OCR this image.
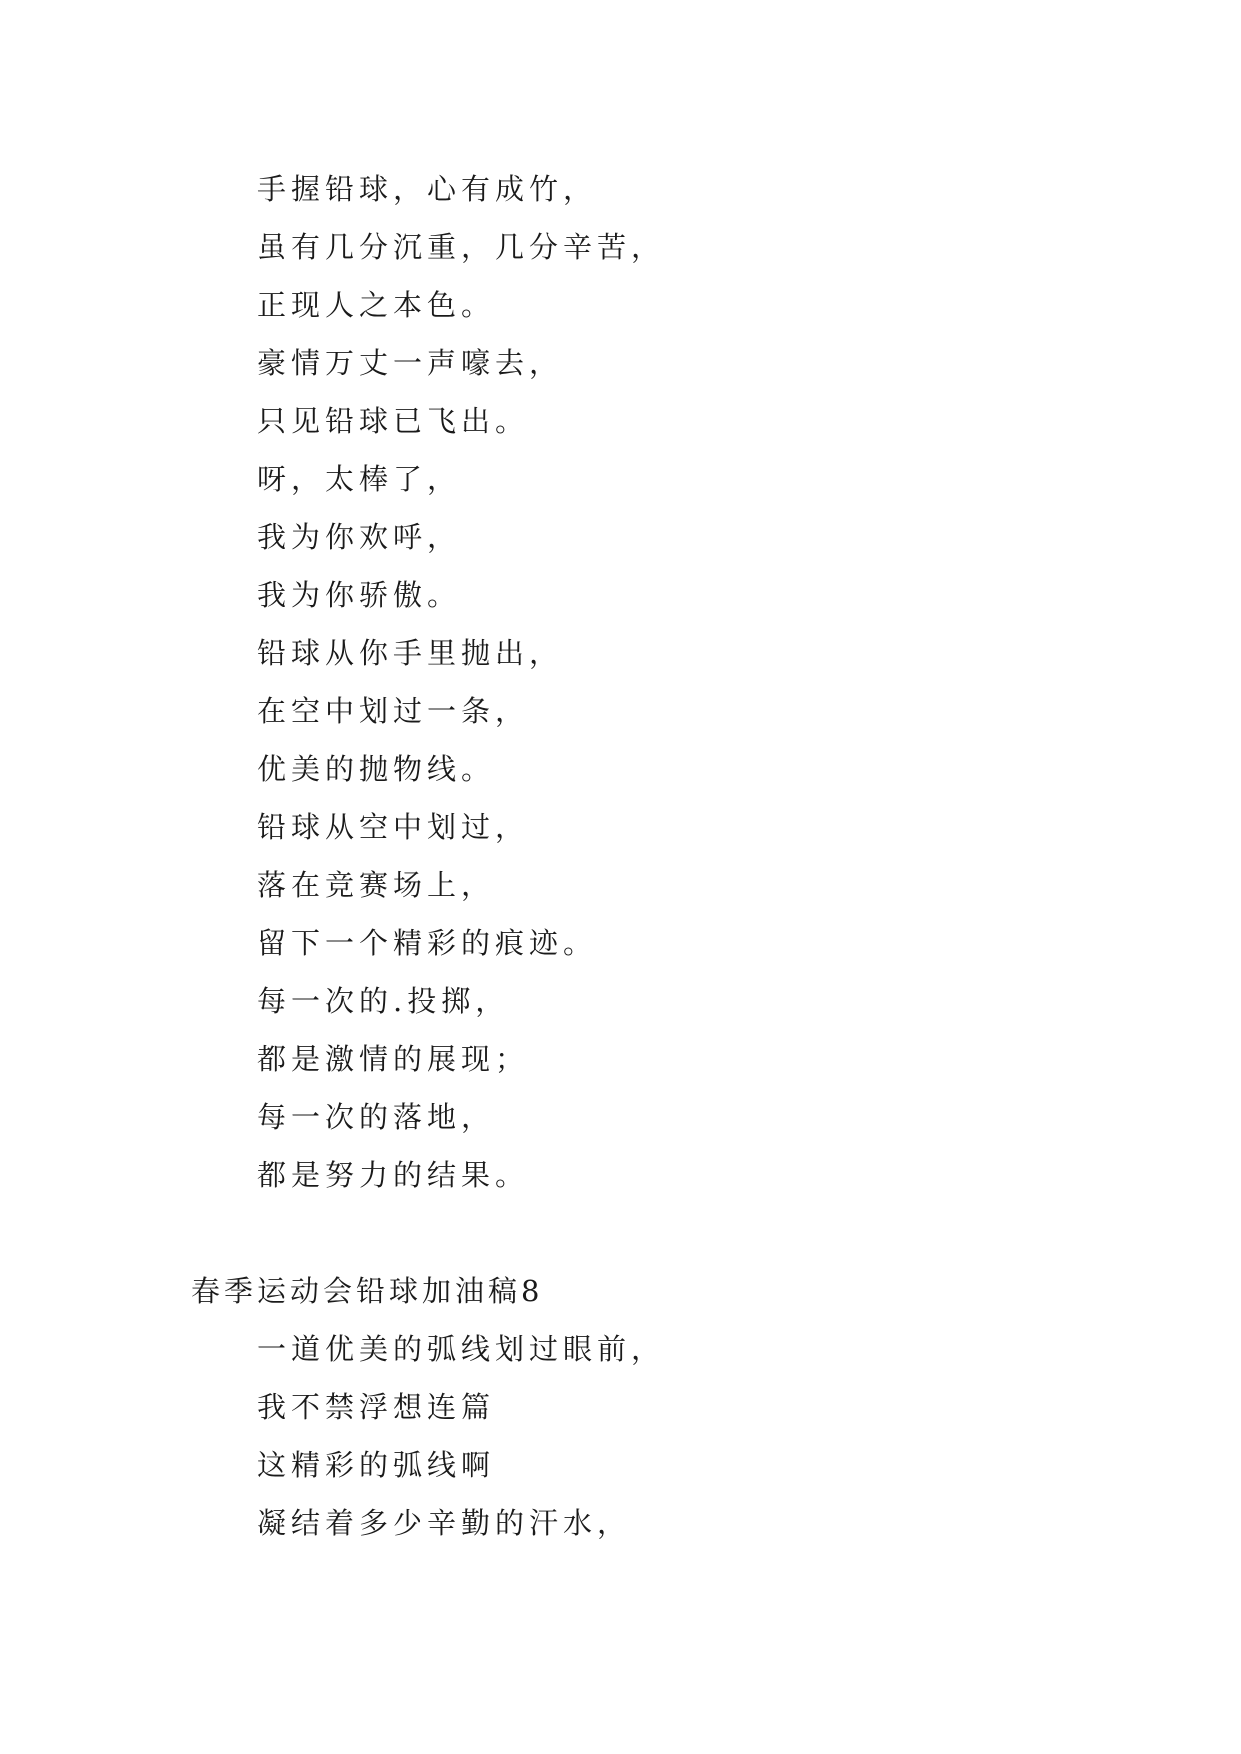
手握铅球，心有成竹，
虽有几分沉重，几分辛苦，
正现人之本色。
豪情万丈一声嚎去，
只见铅球已飞出。
呀，太棒了，
我为你欢呼，
我为你骄傲。
铅球从你手里抛出，
在空中划过一条，
优美的抛物线。
铅球从空中划过，
落在竞赛场上，
留下一个精彩的痕迹。
每一次的.投掷，
都是激情的展现；
每一次的落地，
都是努力的结果。
春季运动会铅球加油稿8
一道优美的弧线划过眼前，
我不禁浮想连篇
这精彩的弧线啊
凝结着多少辛勤的汗水，
